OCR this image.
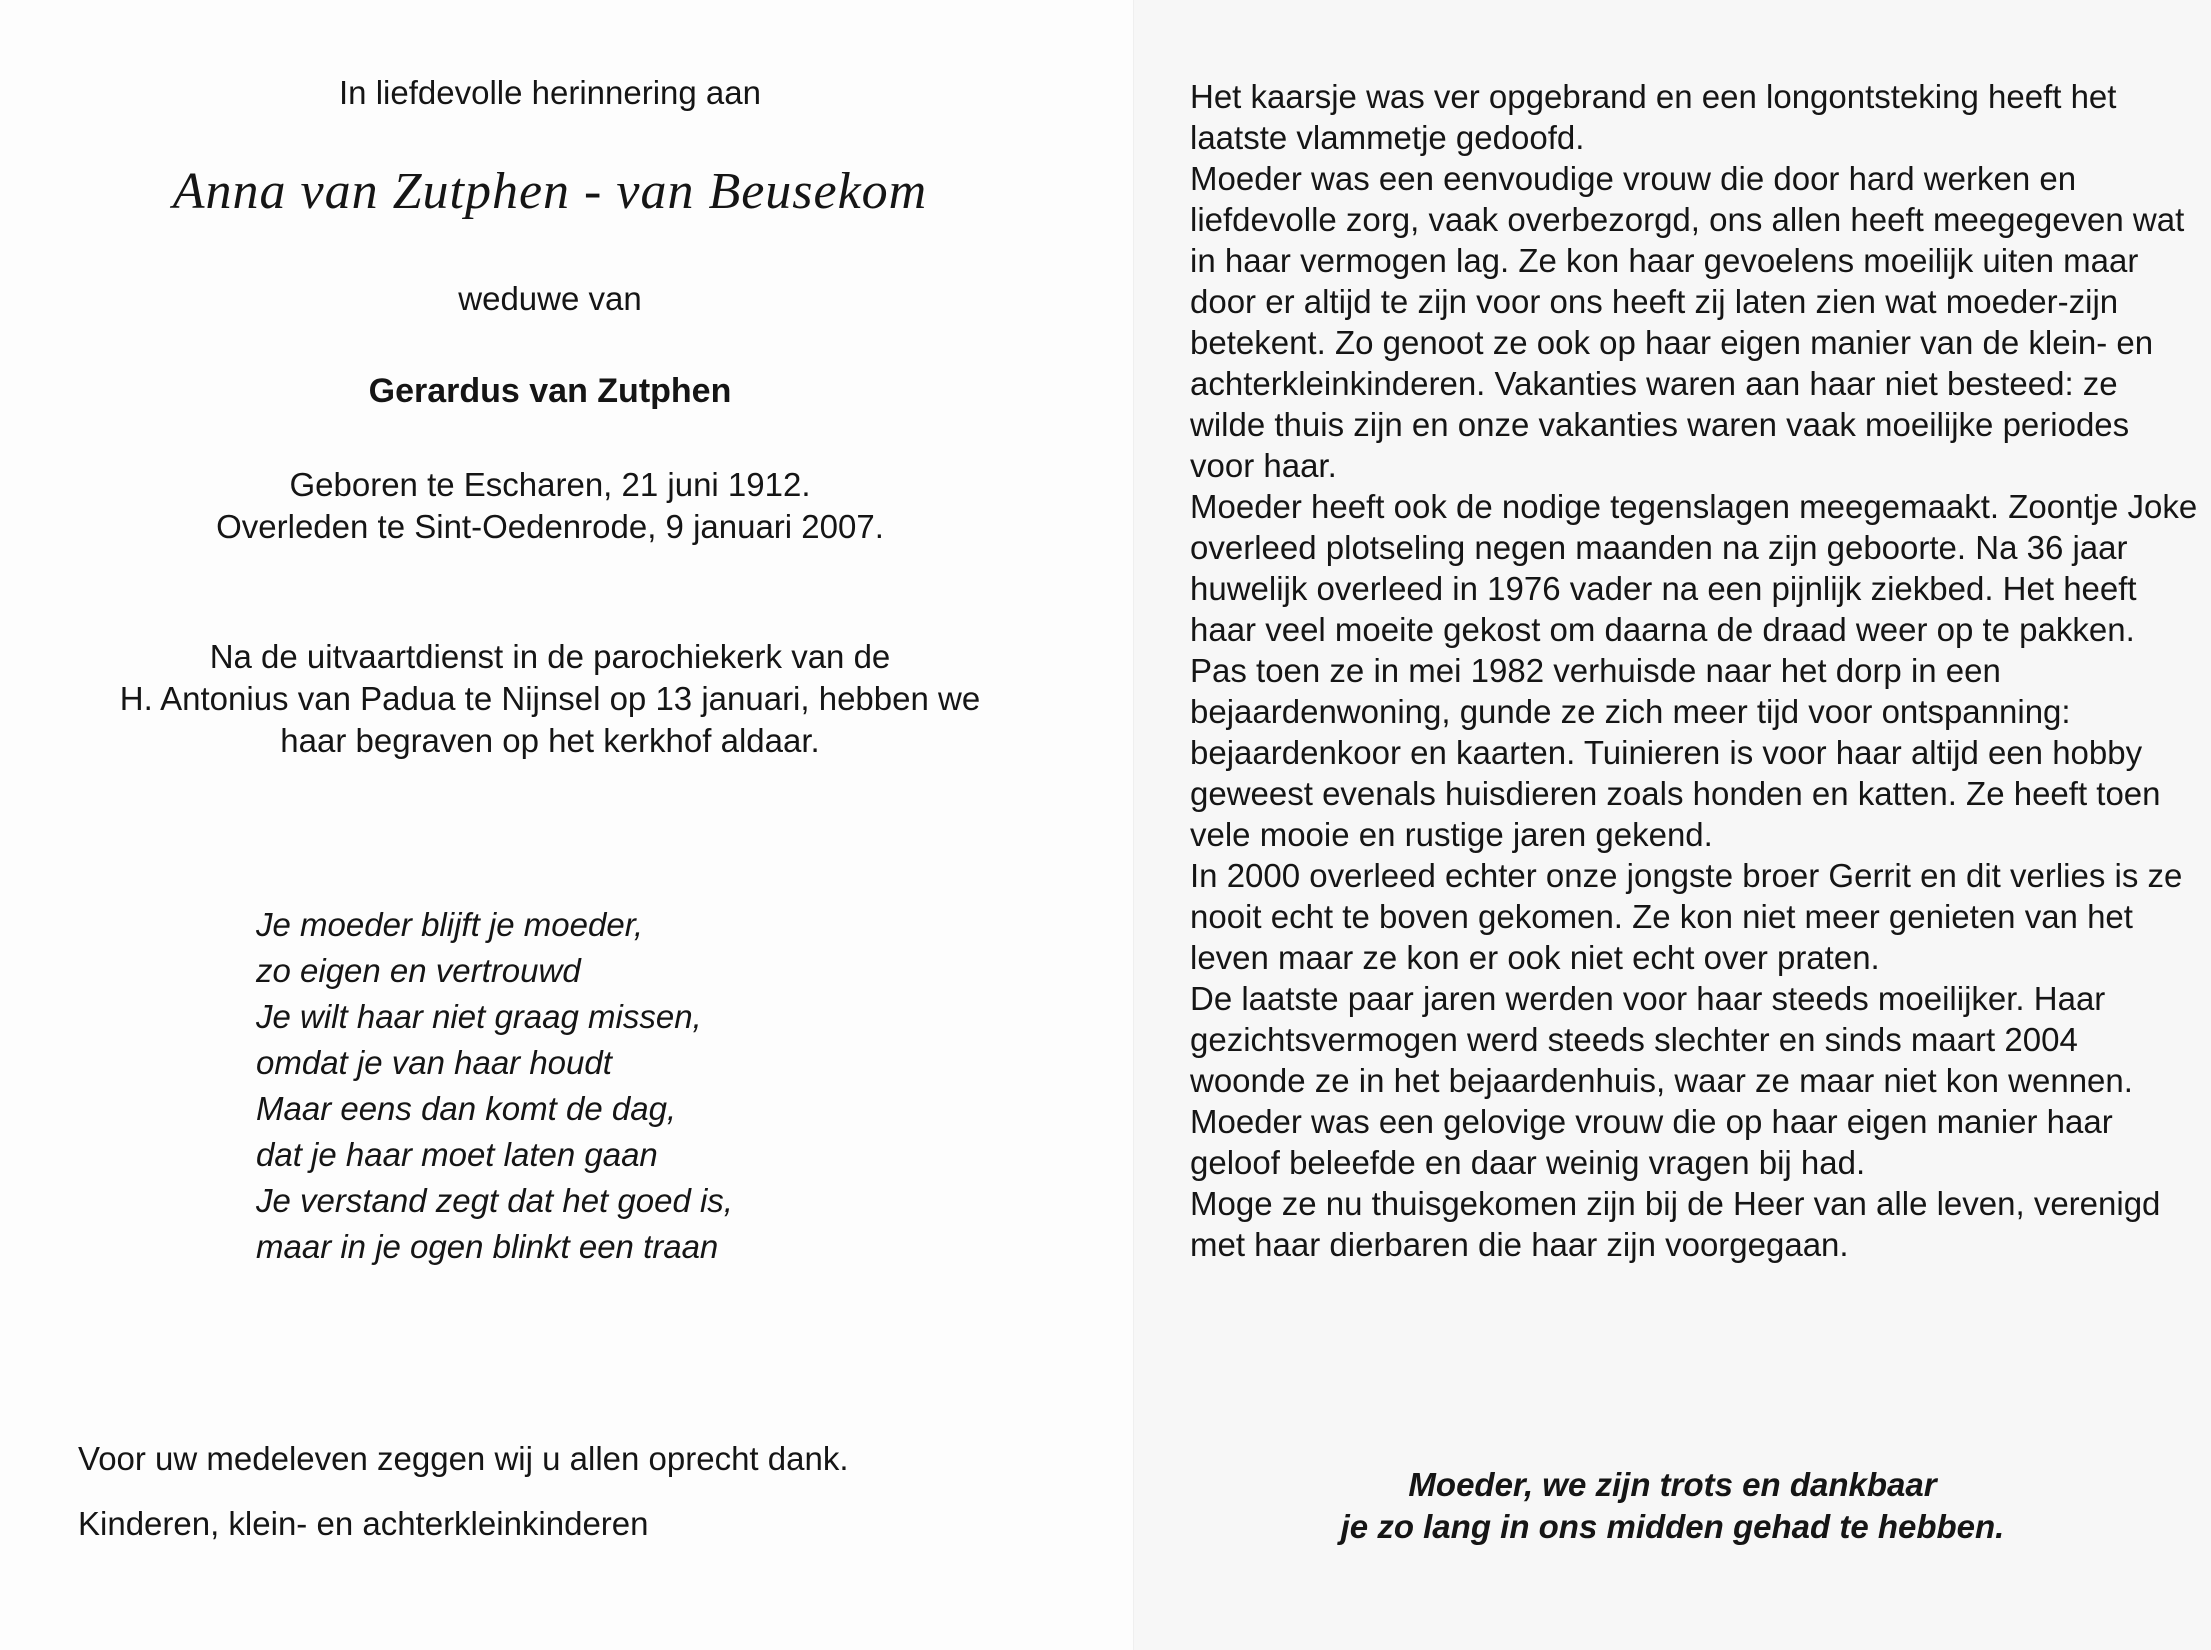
In liefdevolle herinnering aan

Anna van Zutphen - van Beusekom

weduwe van

Gerardus van Zutphen

Geboren te Escharen, 21 juni 1912.
Overleden te Sint-Oedenrode, 9 januari 2007.
Na de uitvaartdienst in de parochiekerk van de
H. Antonius van Padua te Nijnsel op 13 januari, hebben we
haar begraven op het kerkhof aldaar.
Je moeder blijft je moeder,
zo eigen en vertrouwd
Je wilt haar niet graag missen,
omdat je van haar houdt
Maar eens dan komt de dag,
dat je haar moet laten gaan
Je verstand zegt dat het goed is,
maar in je ogen blinkt een traan

Voor uw medeleven zeggen wij u allen oprecht dank.

Kinderen, klein- en achterkleinkinderen

Het kaarsje was ver opgebrand en een longontsteking heeft het laatste vlammetje gedoofd.

Moeder was een eenvoudige vrouw die door hard werken en liefdevolle zorg, vaak overbezorgd, ons allen heeft meegegeven wat in haar vermogen lag. Ze kon haar gevoelens moeilijk uiten maar door er altijd te zijn voor ons heeft zij laten zien wat moeder-zijn betekent. Zo genoot ze ook op haar eigen manier van de klein- en achterkleinkinderen. Vakanties waren aan haar niet besteed: ze wilde thuis zijn en onze vakanties waren vaak moeilijke periodes voor haar.

Moeder heeft ook de nodige tegenslagen meegemaakt. Zoontje Joke overleed plotseling negen maanden na zijn geboorte. Na 36 jaar huwelijk overleed in 1976 vader na een pijnlijk ziekbed. Het heeft haar veel moeite gekost om daarna de draad weer op te pakken. Pas toen ze in mei 1982 verhuisde naar het dorp in een bejaardenwoning, gunde ze zich meer tijd voor ontspanning: bejaardenkoor en kaarten. Tuinieren is voor haar altijd een hobby geweest evenals huisdieren zoals honden en katten. Ze heeft toen vele mooie en rustige jaren gekend.

In 2000 overleed echter onze jongste broer Gerrit en dit verlies is ze nooit echt te boven gekomen. Ze kon niet meer genieten van het leven maar ze kon er ook niet echt over praten.

De laatste paar jaren werden voor haar steeds moeilijker. Haar gezichtsvermogen werd steeds slechter en sinds maart 2004 woonde ze in het bejaardenhuis, waar ze maar niet kon wennen.

Moeder was een gelovige vrouw die op haar eigen manier haar geloof beleefde en daar weinig vragen bij had.

Moge ze nu thuisgekomen zijn bij de Heer van alle leven, verenigd met haar dierbaren die haar zijn voorgegaan.

Moeder, we zijn trots en dankbaar
je zo lang in ons midden gehad te hebben.
